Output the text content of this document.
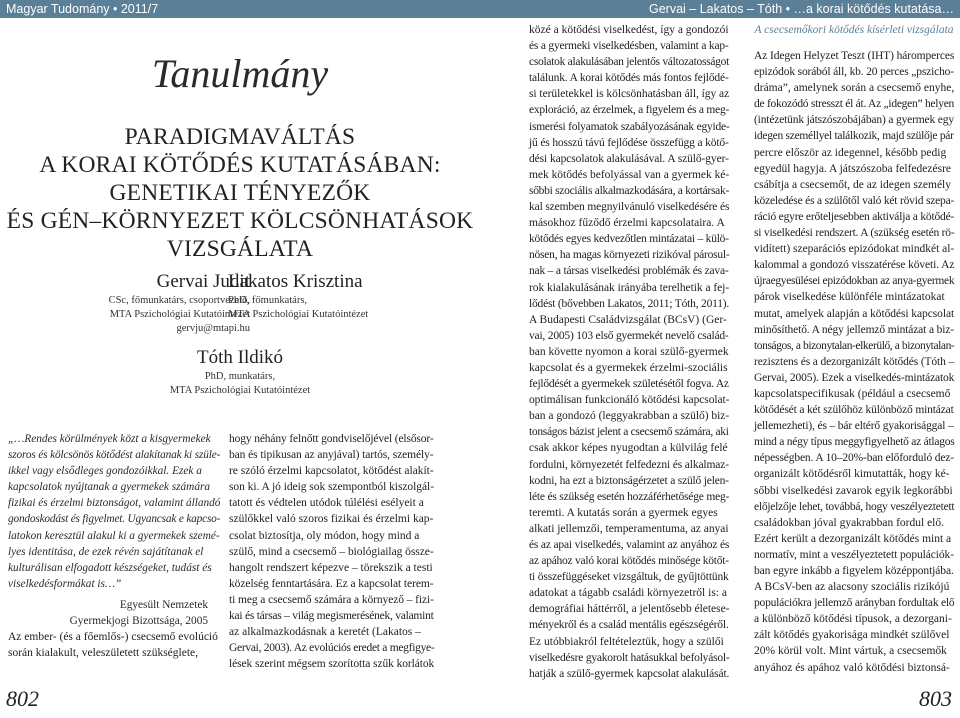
Magyar Tudomány • 2011/7	Gervai – Lakatos – Tóth • …a korai kötődés kutatása…
Tanulmány
PARADIGMAVÁLTÁS
A KORAI KÖTŐDÉS KUTATÁSÁBAN:
GENETIKAI TÉNYEZŐK
ÉS GÉN–KÖRNYEZET KÖLCSÖNHATÁSOK
VIZSGÁLATA
Gervai Judit
CSc, főmunkatárs, csoportvezető,
MTA Pszichológiai Kutatóintézet
gervju@mtapi.hu
Lakatos Krisztina
PhD, főmunkatárs,
MTA Pszichológiai Kutatóintézet
Tóth Ildikó
PhD, munkatárs,
MTA Pszichológiai Kutatóintézet
„…Rendes körülmények közt a kisgyermekek
szoros és kölcsönös kötődést alakítanak ki szüle-
ikkel vagy elsődleges gondozóikkal. Ezek a
kapcsolatok nyújtanak a gyermekek számára
fizikai és érzelmi biztonságot, valamint állandó
gondoskodást és figyelmet. Ugyancsak e kapcso-
latokon keresztül alakul ki a gyermekek szemé-
lyes identitása, de ezek révén sajátítanak el
kulturálisan elfogadott készségeket, tudást és
viselkedésformákat is…”
Egyesült Nemzetek
Gyermekjogi Bizottsága, 2005
Az ember- (és a főemlős-) csecsemő evolúció
során kialakult, veleszületett szükséglete,
hogy néhány felnőtt gondviselőjével (elsősor-
ban és tipikusan az anyjával) tartós, személy-
re szóló érzelmi kapcsolatot, kötődést alakít-
son ki. A jó ideig sok szempontból kiszolgál-
tatott és védtelen utódok túlélési esélyeit a
szülőkkel való szoros fizikai és érzelmi kap-
csolat biztosítja, oly módon, hogy mind a
szülő, mind a csecsemő – biológiailag össze-
hangolt rendszert képezve – törekszik a testi
közelség fenntartására. Ez a kapcsolat terem-
ti meg a csecsemő számára a környező – fizi-
kai és társas – világ megismerésének, valamint
az alkalmazkodásnak a keretét (Lakatos –
Gervai, 2003). Az evolúciós eredet a megfigye-
lések szerint mégsem szorította szűk korlátok
közé a kötődési viselkedést, így a gondozói
és a gyermeki viselkedésben, valamint a kap-
csolatok alakulásában jelentős változatosságot
találunk. A korai kötődés más fontos fejlődé-
si területekkel is kölcsönhatásban áll, így az
exploráció, az érzelmek, a figyelem és a meg-
ismerési folyamatok szabályozásának egyide-
jű és hosszú távú fejlődése összefügg a kötő-
dési kapcsolatok alakulásával. A szülő-gyer-
mek kötődés befolyással van a gyermek ké-
sőbbi szociális alkalmazkodására, a kortársak-
kal szemben megnyilvánuló viselkedésére és
másokhoz fűződő érzelmi kapcsolataira. A
kötődés egyes kedvezőtlen mintázatai – külö-
nösen, ha magas környezeti rizikóval párosul-
nak – a társas viselkedési problémák és zava-
rok kialakulásának irányába terelhetik a fej-
lődést (bővebben Lakatos, 2011; Tóth, 2011).
A Budapesti Családvizsgálat (BCsV) (Ger-
vai, 2005) 103 első gyermekét nevelő család-
ban követte nyomon a korai szülő-gyermek
kapcsolat és a gyermekek érzelmi-szociális
fejlődését a gyermekek születésétől fogva. Az
optimálisan funkcionáló kötődési kapcsolat-
ban a gondozó (leggyakrabban a szülő) biz-
tonságos bázist jelent a csecsemő számára, aki
csak akkor képes nyugodtan a külvilág felé
fordulni, környezetét felfedezni és alkalmaz-
kodni, ha ezt a biztonságérzetet a szülő jelen-
léte és szükség esetén hozzáférhetősége meg-
teremti. A kutatás során a gyermek egyes
alkati jellemzői, temperamentuma, az anyai
és az apai viselkedés, valamint az anyához és
az apához való korai kötődés minősége kötőt-
ti összefüggéseket vizsgáltuk, de gyűjtöttünk
adatokat a tágabb családi környezetről is: a
demográfiai háttérről, a jelentősebb életese-
ményekről és a család mentális egészségéről.
Ez utóbbiakról feltételeztük, hogy a szülői
viselkedésre gyakorolt hatásukkal befolyásol-
hatják a szülő-gyermek kapcsolat alakulását.
A csecsemőkori kötődés kísérleti vizsgálata
Az Idegen Helyzet Teszt (IHT) háromperces
epizódok sorából áll, kb. 20 perces „pszicho-
dráma”, amelynek során a csecsemő enyhe,
de fokozódó stresszt él át. Az „idegen” helyen
(intézetünk játszószobájában) a gyermek egy
idegen személlyel találkozik, majd szülője pár
percre először az idegennel, később pedig
egyedül hagyja. A játszószoba felfedezésre
csábítja a csecsemőt, de az idegen személy
közeledése és a szülőtől való két rövid szepa-
ráció egyre erőteljesebben aktiválja a kötődé-
si viselkedési rendszert. A (szükség esetén rö-
vidített) szeparációs epizódokat mindkét al-
kalommal a gondozó visszatérése követi. Az
újraegyesülései epizódokban az anya-gyermek
párok viselkedése különféle mintázatokat
mutat, amelyek alapján a kötődési kapcsolat
minősíthető. A négy jellemző mintázat a biz-
tonságos, a bizonytalan-elkerülő, a bizonytalan-
rezisztens és a dezorganizált kötődés (Tóth –
Gervai, 2005). Ezek a viselkedés-mintázatok
kapcsolatspecifikusak (például a csecsemő
kötődését a két szülőhöz különböző mintázat
jellemezheti), és – bár eltérő gyakorisággal –
mind a négy típus meggyfigyelhető az átlagos
népességben. A 10–20%-ban előforduló dez-
organizált kötődésről kimutatták, hogy ké-
sőbbi viselkedési zavarok egyik legkorábbi
előjelzője lehet, továbbá, hogy veszélyeztetett
családokban jóval gyakrabban fordul elő.
Ezért került a dezorganizált kötődés mint a
normatív, mint a veszélyeztetett populációk-
ban egyre inkább a figyelem középpontjába.
A BCsV-ben az alacsony szociális rizikójú
populációkra jellemző arányban fordultak elő
a különböző kötődési típusok, a dezorgani-
zált kötődés gyakorisága mindkét szülővel
20% körül volt. Mint vártuk, a csecsemők
anyához és apához való kötődési biztonsá-
802	803
